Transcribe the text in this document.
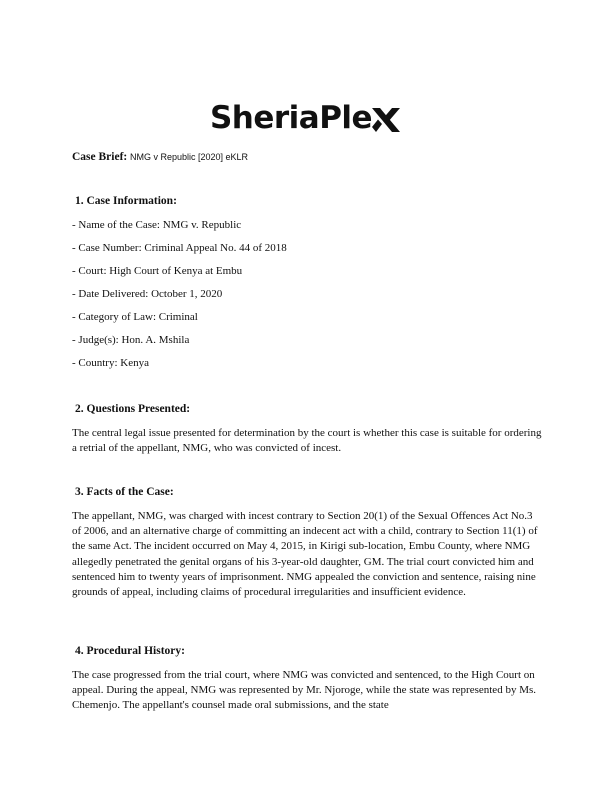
SheriaPle
Case Brief: NMG v Republic [2020] eKLR

1. Case Information:

- Name of the Case: NMG v. Republic

- Case Number: Criminal Appeal No. 44 of 2018

- Court: High Court of Kenya at Embu

- Date Delivered: October 1, 2020

- Category of Law: Criminal

- Judge(s): Hon. A. Mshila

- Country: Kenya

2. Questions Presented:

The central legal issue presented for determination by the court is whether this case is suitable for ordering a retrial of the appellant, NMG, who was convicted of incest.

3. Facts of the Case:

The appellant, NMG, was charged with incest contrary to Section 20(1) of the Sexual Offences Act No.3 of 2006, and an alternative charge of committing an indecent act with a child, contrary to Section 11(1) of the same Act. The incident occurred on May 4, 2015, in Kirigi sub-location, Embu County, where NMG allegedly penetrated the genital organs of his 3-year-old daughter, GM. The trial court convicted him and sentenced him to twenty years of imprisonment. NMG appealed the conviction and sentence, raising nine grounds of appeal, including claims of procedural irregularities and insufficient evidence.

4. Procedural History:

The case progressed from the trial court, where NMG was convicted and sentenced, to the High Court on appeal. During the appeal, NMG was represented by Mr. Njoroge, while the state was represented by Ms. Chemenjo. The appellant's counsel made oral submissions, and the state
